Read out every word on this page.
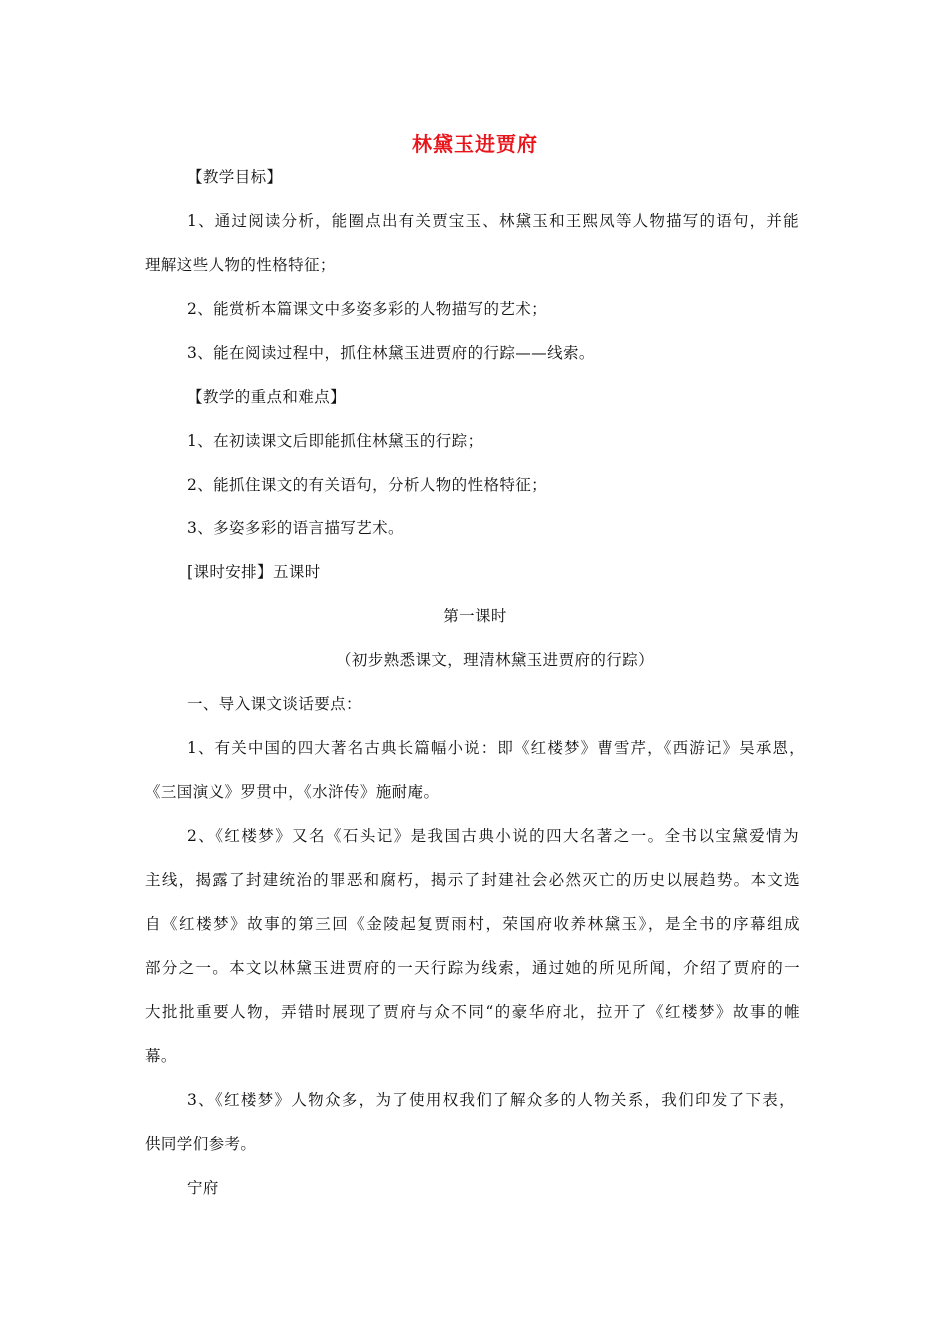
林黛玉进贾府
【教学目标】
1、通过阅读分析，能圈点出有关贾宝玉、林黛玉和王熙凤等人物描写的语句，并能
理解这些人物的性格特征；
2、能赏析本篇课文中多姿多彩的人物描写的艺术；
3、能在阅读过程中，抓住林黛玉进贾府的行踪——线索。
【教学的重点和难点】
1、在初读课文后即能抓住林黛玉的行踪；
2、能抓住课文的有关语句，分析人物的性格特征；
3、多姿多彩的语言描写艺术。
[课时安排】五课时
第一课时
（初步熟悉课文，理清林黛玉进贾府的行踪）
一、导入课文谈话要点：
1、有关中国的四大著名古典长篇幅小说：即《红楼梦》曹雪芹，《西游记》吴承恩，
《三国演义》罗贯中，《水浒传》施耐庵。
2、《红楼梦》又名《石头记》是我国古典小说的四大名著之一。全书以宝黛爱情为
主线，揭露了封建统治的罪恶和腐朽，揭示了封建社会必然灭亡的历史以展趋势。本文选
自《红楼梦》故事的第三回《金陵起复贾雨村，荣国府收养林黛玉》，是全书的序幕组成
部分之一。本文以林黛玉进贾府的一天行踪为线索，通过她的所见所闻，介绍了贾府的一
大批批重要人物，弄错时展现了贾府与众不同“的豪华府北，拉开了《红楼梦》故事的帷
幕。
3、《红楼梦》人物众多，为了使用权我们了解众多的人物关系，我们印发了下表，
供同学们参考。
宁府
